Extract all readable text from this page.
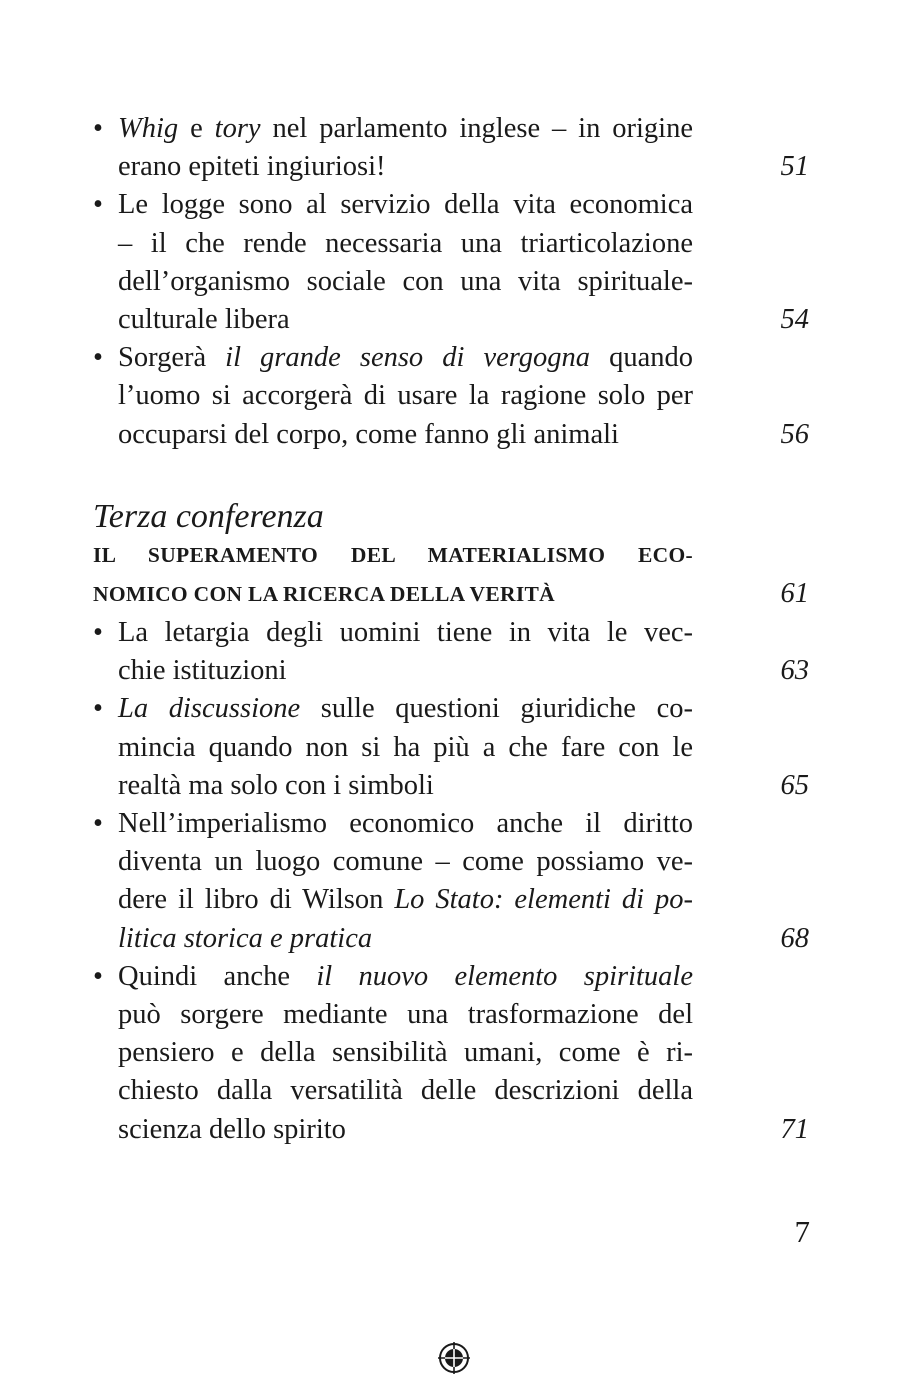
• Whig e tory nel parlamento inglese – in origine
erano epiteti ingiuriosi!	51
• Le logge sono al servizio della vita economica
– il che rende necessaria una triarticolazione
dell’organismo sociale con una vita spirituale-
culturale libera	54
• Sorgerà il grande senso di vergogna quando
l’uomo si accorgerà di usare la ragione solo per
occuparsi del corpo, come fanno gli animali	56
Terza conferenza
IL SUPERAMENTO DEL MATERIALISMO ECO-
NOMICO CON LA RICERCA DELLA VERITÀ	61
• La letargia degli uomini tiene in vita le vec-
chie istituzioni	63
• La discussione sulle questioni giuridiche co-
mincia quando non si ha più a che fare con le
realtà ma solo con i simboli	65
• Nell’imperialismo economico anche il diritto
diventa un luogo comune – come possiamo ve-
dere il libro di Wilson Lo Stato: elementi di po-
litica storica e pratica	68
• Quindi anche il nuovo elemento spirituale
può sorgere mediante una trasformazione del
pensiero e della sensibilità umani, come è ri-
chiesto dalla versatilità delle descrizioni della
scienza dello spirito	71
7
